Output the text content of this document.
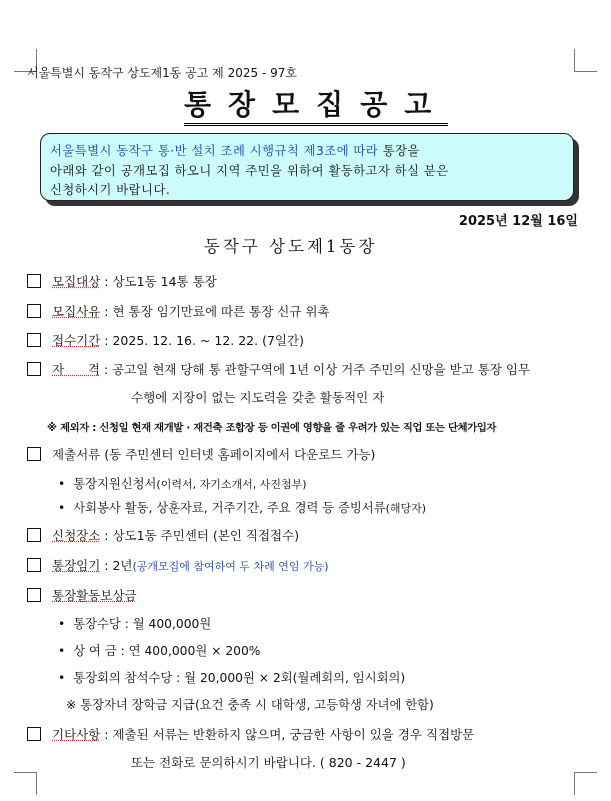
서울특별시 동작구 상도제1동 공고 제 2025 - 97호
통장모집공고
서울특별시 동작구 통·반 설치 조례 시행규칙 제3조에 따라 통장을
아래와 같이 공개모집 하오니 지역 주민을 위하여 활동하고자 하실 분은
신청하시기 바랍니다.
2025년 12월 16일
동작구 상도제1동장
모집대상 : 상도1동 14통 통장
모집사유 : 현 통장 임기만료에 따른 통장 신규 위촉
접수기간 : 2025. 12. 16. ~ 12. 22. (7일간)
자      격 : 공고일 현재 당해 통 관할구역에 1년 이상 거주 주민의 신망을 받고 통장 임무
수행에 지장이 없는 지도력을 갖춘 활동적인 자
※ 제외자 : 신청일 현재 재개발 · 재건축 조합장 등 이권에 영향을 줄 우려가 있는 직업 또는 단체가입자
제출서류 (동 주민센터 인터넷 홈페이지에서 다운로드 가능)
• 통장지원신청서(이력서, 자기소개서, 사진첨부)
• 사회봉사 활동, 상훈자료, 거주기간, 주요 경력 등 증빙서류(해당자)
신청장소 : 상도1동 주민센터 (본인 직접접수)
통장임기 : 2년(공개모집에 참여하여 두 차례 연임 가능)
통장활동보상금
• 통장수당 : 월 400,000원
• 상 여 금 : 연 400,000원 × 200%
• 통장회의 참석수당 : 월 20,000원 × 2회(월례회의, 임시회의)
※ 통장자녀 장학금 지급(요건 충족 시 대학생, 고등학생 자녀에 한함)
기타사항 : 제출된 서류는 반환하지 않으며, 궁금한 사항이 있을 경우 직접방문
또는 전화로 문의하시기 바랍니다. ( 820 - 2447 )
